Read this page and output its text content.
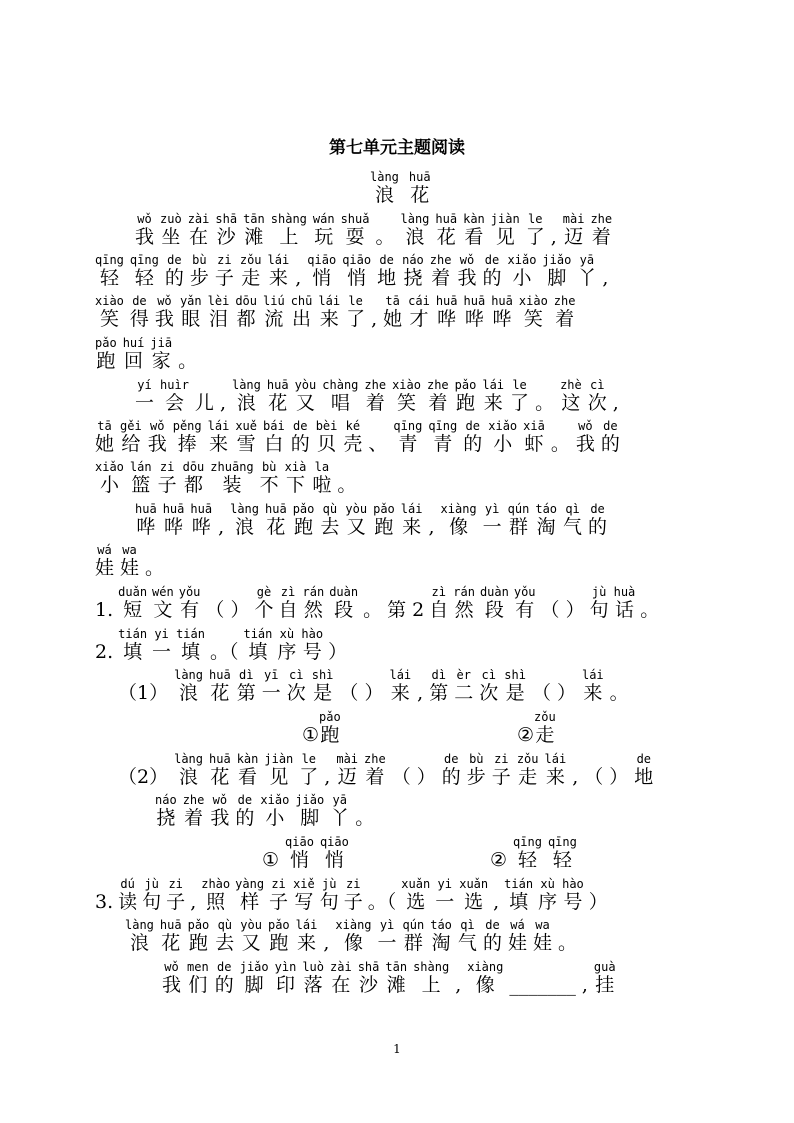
第七单元主题阅读
làng
浪
huā
花
wǒ
我
zuò
坐
zài
在
shā
沙
tān
滩
shàng
上
wán
玩
shuǎ
耍 。
làng
浪
huā
花
kàn
看
jiàn
见
le
了 ,
mài
迈
zhe
着
qīng
轻
qīng
轻
de
的
bù
步
zi
子
zǒu
走
lái
来 ,
qiāo
悄
qiāo
悄
de
地
náo
挠
zhe
着
wǒ
我
de
的
xiǎo
小
jiǎo
脚
yā
丫 ,
xiào
笑
de
得
wǒ
我
yǎn
眼
lèi
泪
dōu
都
liú
流
chū
出
lái
来
le
了 ,
tā
她
cái
才
huā
哗
huā
哗
huā
哗
xiào
笑
zhe
着
pǎo
跑
huí
回
jiā
家 。
yí
一
huìr
会 儿 ,
làng
浪
huā
花
yòu
又
chàng
唱
zhe
着
xiào
笑
zhe
着
pǎo
跑
lái
来
le
了 。
zhè
这
cì
次 ,
tā
她
gěi
给
wǒ
我
pěng
捧
lái
来
xuě
雪
bái
白
de
的
bèi
贝
ké
壳 、
qīng
青
qīng
青
de
的
xiǎo
小
xiā
虾 。
wǒ
我
de
的
xiǎo
小
lán
篮
zi
子
dōu
都
zhuāng
装
bù
不
xià
下
la
啦 。
huā
哗
huā
哗
huā
哗 ,
làng
浪
huā
花
pǎo
跑
qù
去
yòu
又
pǎo
跑
lái
来 ,
xiàng
像
yì
一
qún
群
táo
淘
qì
气
de
的
wá
娃
wa
娃 。
1.
duǎn
短
wén
文
yǒu
有 （ ）
gè
个
zì
自
rán
然
duàn
段 。 第 2
zì
自
rán
然
duàn
段
yǒu
有 （ ）
jù
句
huà
话 。
2.
tián
填
yi
一
tián
填 。（
tián
填
xù
序
hào
号 ）
（1）
làng
浪
huā
花
dì
第
yī
一
cì
次
shì
是 （ ）
lái
来 ,
dì
第
èr
二
cì
次
shì
是 （ ）
lái
来 。
①
pǎo
跑	②
zǒu
走
（2）
làng
浪
huā
花
kàn
看
jiàn
见
le
了 ,
mài
迈
zhe
着 （ ）
de
的
bù
步
zi
子
zǒu
走
lái
来 , （ ）
de
地
náo
挠
zhe
着
wǒ
我
de
的
xiǎo
小
jiǎo
脚
yā
丫 。
①
qiāo
悄
qiāo
悄	②
qīng
轻
qīng
轻
3.
dú
读
jù
句
zi
子 ,
zhào
照
yàng
样
zi
子
xiě
写
jù
句
zi
子 。（
xuǎn
选
yi
一
xuǎn
选 ,
tián
填
xù
序
hào
号 ）
làng
浪
huā
花
pǎo
跑
qù
去
yòu
又
pǎo
跑
lái
来 ,
xiàng
像
yì
一
qún
群
táo
淘
qì
气
de
的
wá
娃
wa
娃 。
wǒ
我
men
们
de
的
jiǎo
脚
yìn
印
luò
落
zài
在
shā
沙
tān
滩
shàng
上 ,
xiàng
像 _______ ,
guà
挂
1
